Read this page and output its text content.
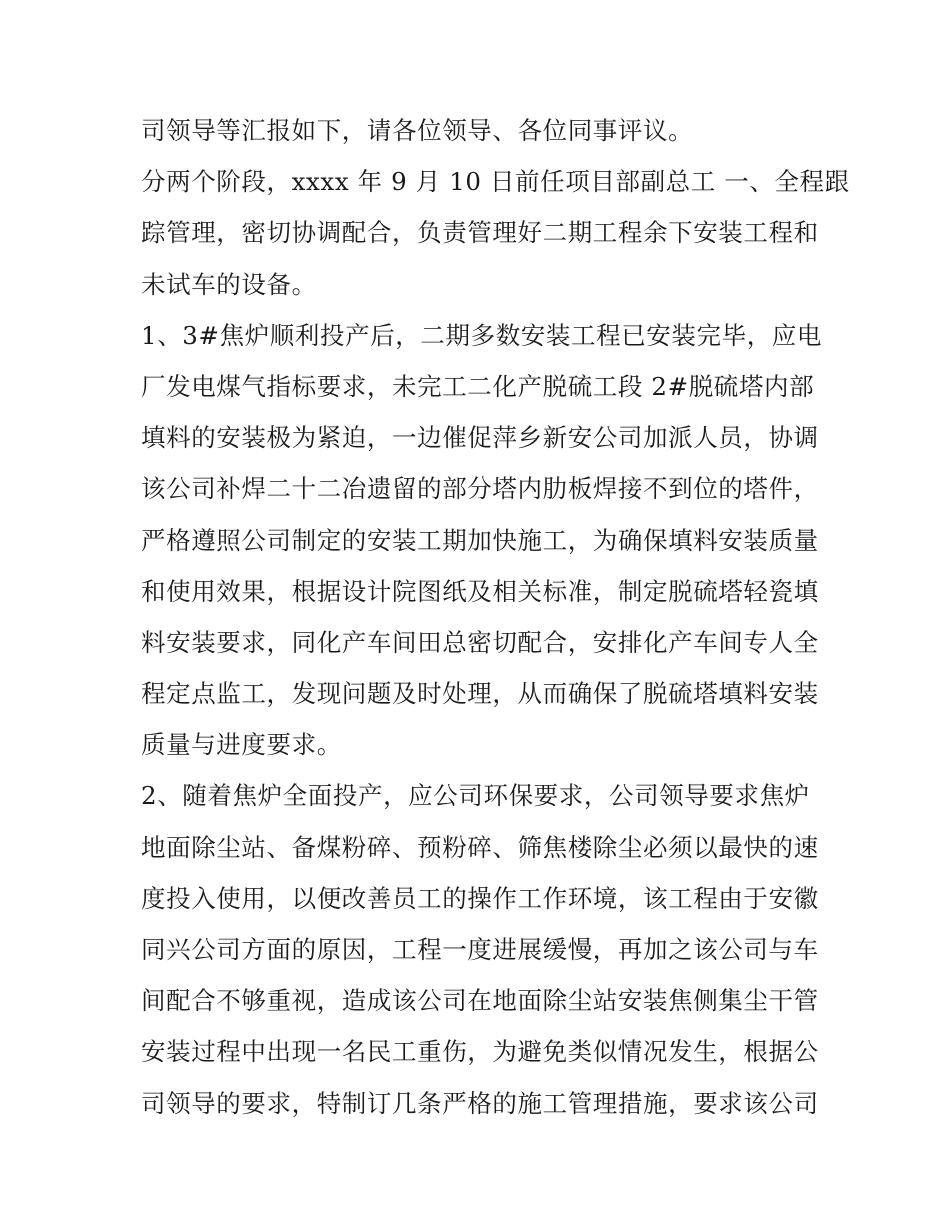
司领导等汇报如下，请各位领导、各位同事评议。
分两个阶段，xxxx 年 9 月 10 日前任项目部副总工 一、全程跟
踪管理，密切协调配合，负责管理好二期工程余下安装工程和
未试车的设备。
1、3#焦炉顺利投产后，二期多数安装工程已安装完毕，应电
厂发电煤气指标要求，未完工二化产脱硫工段 2#脱硫塔内部
填料的安装极为紧迫，一边催促萍乡新安公司加派人员，协调
该公司补焊二十二冶遗留的部分塔内肋板焊接不到位的塔件，
严格遵照公司制定的安装工期加快施工，为确保填料安装质量
和使用效果，根据设计院图纸及相关标准，制定脱硫塔轻瓷填
料安装要求，同化产车间田总密切配合，安排化产车间专人全
程定点监工，发现问题及时处理，从而确保了脱硫塔填料安装
质量与进度要求。
2、随着焦炉全面投产，应公司环保要求，公司领导要求焦炉
地面除尘站、备煤粉碎、预粉碎、筛焦楼除尘必须以最快的速
度投入使用，以便改善员工的操作工作环境，该工程由于安徽
同兴公司方面的原因，工程一度进展缓慢，再加之该公司与车
间配合不够重视，造成该公司在地面除尘站安装焦侧集尘干管
安装过程中出现一名民工重伤，为避免类似情况发生，根据公
司领导的要求，特制订几条严格的施工管理措施，要求该公司
